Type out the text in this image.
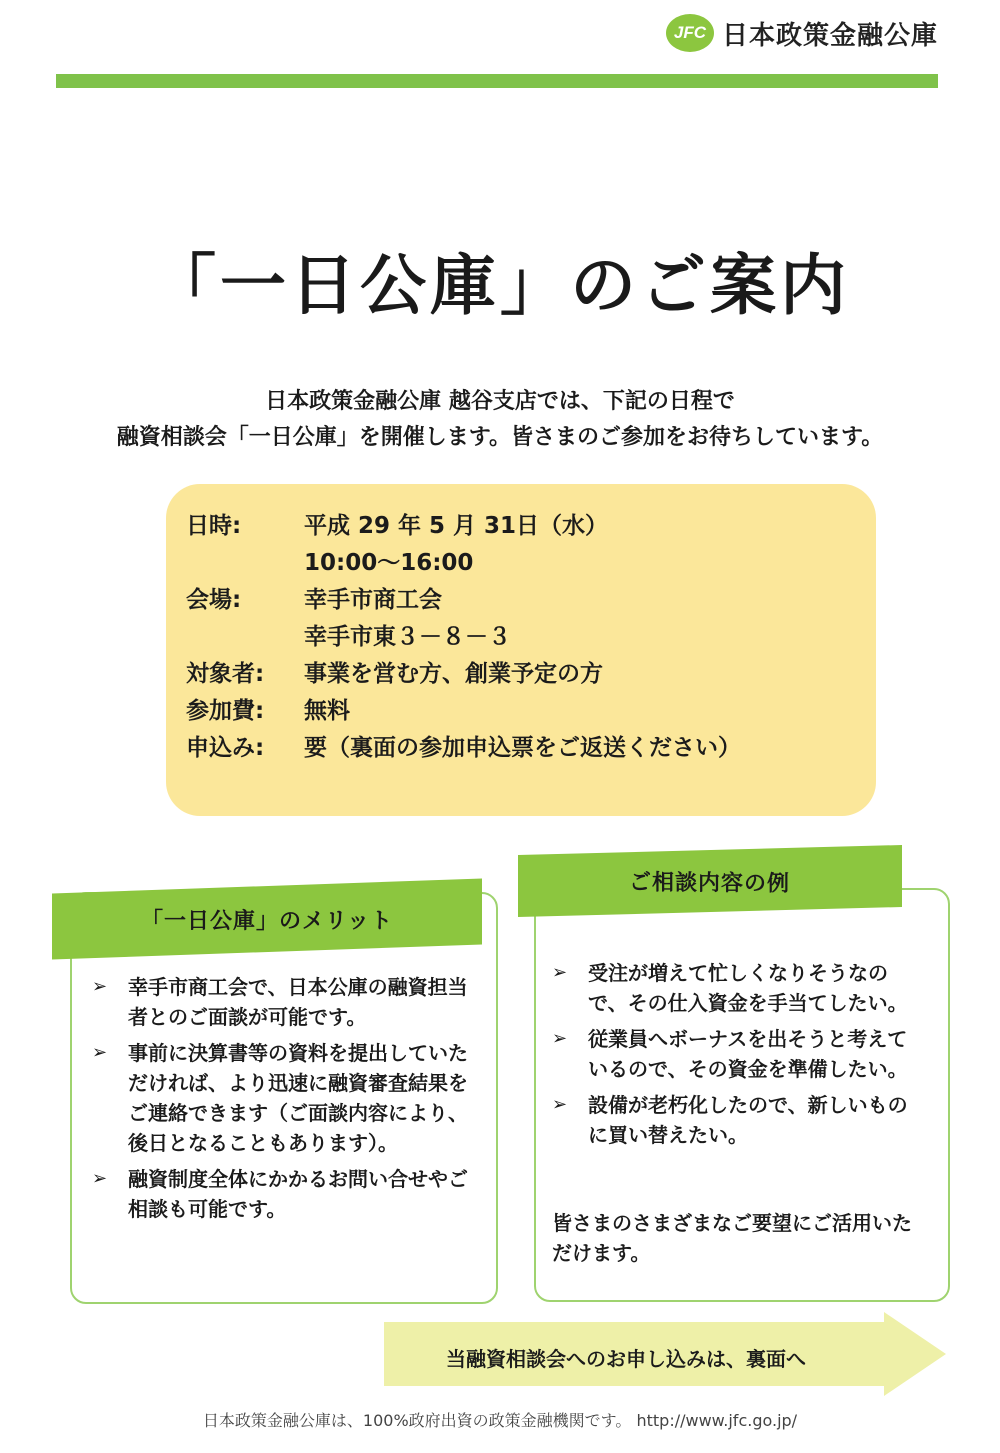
JFC 日本政策金融公庫
「一日公庫」のご案内
日本政策金融公庫 越谷支店では、下記の日程で
融資相談会「一日公庫」を開催します。皆さまのご参加をお待ちしています。
日時:	平成 29 年 5 月 31日（水）
10:00～16:00
会場:	幸手市商工会
幸手市東３－８－３
対象者:	事業を営む方、創業予定の方
参加費:	無料
申込み:	要（裏面の参加申込票をご返送ください）
「一日公庫」のメリット
➢	幸手市商工会で、日本公庫の融資担当者とのご面談が可能です。
➢	事前に決算書等の資料を提出していただければ、より迅速に融資審査結果をご連絡できます（ご面談内容により、後日となることもあります）。
➢	融資制度全体にかかるお問い合せやご相談も可能です。
ご相談内容の例
➢	受注が増えて忙しくなりそうなので、その仕入資金を手当てしたい。
➢	従業員へボーナスを出そうと考えているので、その資金を準備したい。
➢	設備が老朽化したので、新しいものに買い替えたい。
皆さまのさまざまなご要望にご活用いただけます。
当融資相談会へのお申し込みは、裏面へ
日本政策金融公庫は、100%政府出資の政策金融機関です。 http://www.jfc.go.jp/
